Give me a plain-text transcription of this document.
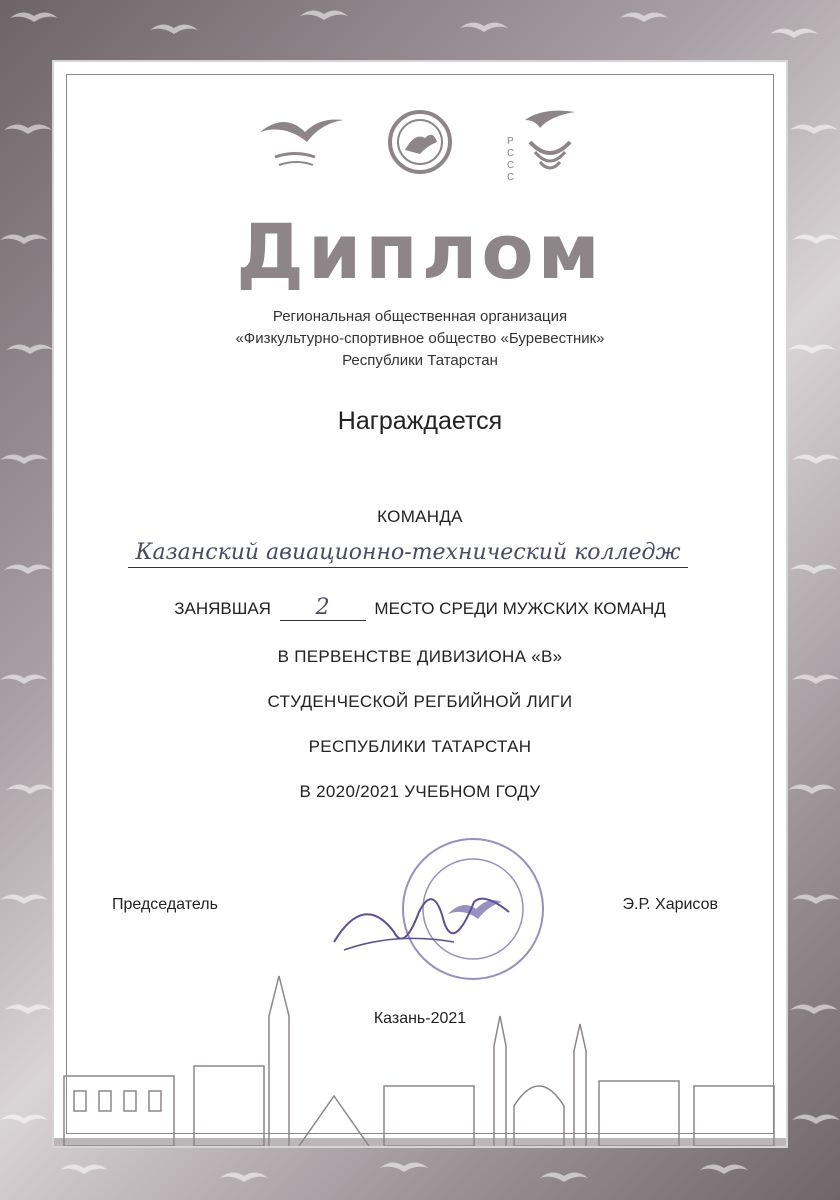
Р
С
С
С
Диплом
Региональная общественная организация
«Физкультурно-спортивное общество «Буревестник»
Республики Татарстан
Награждается
КОМАНДА
Казанский авиационно-технический колледж
ЗАНЯВШАЯ 2	МЕСТО СРЕДИ МУЖСКИХ КОМАНД
В ПЕРВЕНСТВЕ ДИВИЗИОНА «В»
СТУДЕНЧЕСКОЙ РЕГБИЙНОЙ ЛИГИ
РЕСПУБЛИКИ ТАТАРСТАН
В 2020/2021 УЧЕБНОМ ГОДУ
Председатель	Э.Р. Харисов
Казань-2021
